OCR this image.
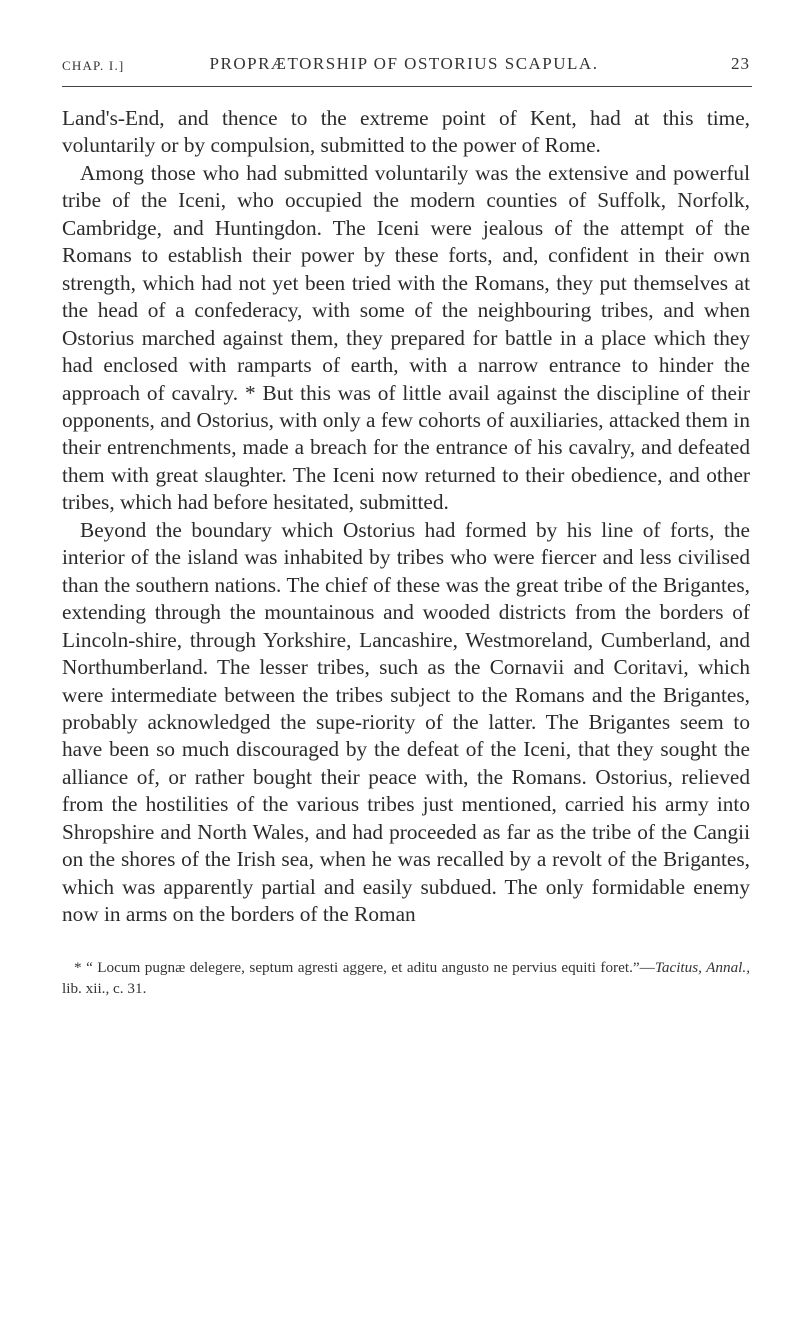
CHAP. I.]	PROPRÆTORSHIP OF OSTORIUS SCAPULA.	23

Land's-End, and thence to the extreme point of Kent, had at this time, voluntarily or by compulsion, submitted to the power of Rome.

Among those who had submitted voluntarily was the extensive and powerful tribe of the Iceni, who occupied the modern counties of Suffolk, Norfolk, Cambridge, and Huntingdon. The Iceni were jealous of the attempt of the Romans to establish their power by these forts, and, confident in their own strength, which had not yet been tried with the Romans, they put themselves at the head of a confederacy, with some of the neighbouring tribes, and when Ostorius marched against them, they prepared for battle in a place which they had enclosed with ramparts of earth, with a narrow entrance to hinder the approach of cavalry. * But this was of little avail against the discipline of their opponents, and Ostorius, with only a few cohorts of auxiliaries, attacked them in their entrenchments, made a breach for the entrance of his cavalry, and defeated them with great slaughter. The Iceni now returned to their obedience, and other tribes, which had before hesitated, submitted.

Beyond the boundary which Ostorius had formed by his line of forts, the interior of the island was inhabited by tribes who were fiercer and less civilised than the southern nations. The chief of these was the great tribe of the Brigantes, extending through the mountainous and wooded districts from the borders of Lincoln-shire, through Yorkshire, Lancashire, Westmoreland, Cumberland, and Northumberland. The lesser tribes, such as the Cornavii and Coritavi, which were intermediate between the tribes subject to the Romans and the Brigantes, probably acknowledged the supe-riority of the latter. The Brigantes seem to have been so much discouraged by the defeat of the Iceni, that they sought the alliance of, or rather bought their peace with, the Romans. Ostorius, relieved from the hostilities of the various tribes just mentioned, carried his army into Shropshire and North Wales, and had proceeded as far as the tribe of the Cangii on the shores of the Irish sea, when he was recalled by a revolt of the Brigantes, which was apparently partial and easily subdued. The only formidable enemy now in arms on the borders of the Roman

* “ Locum pugnæ delegere, septum agresti aggere, et aditu angusto ne pervius equiti foret.”—Tacitus, Annal., lib. xii., c. 31.
